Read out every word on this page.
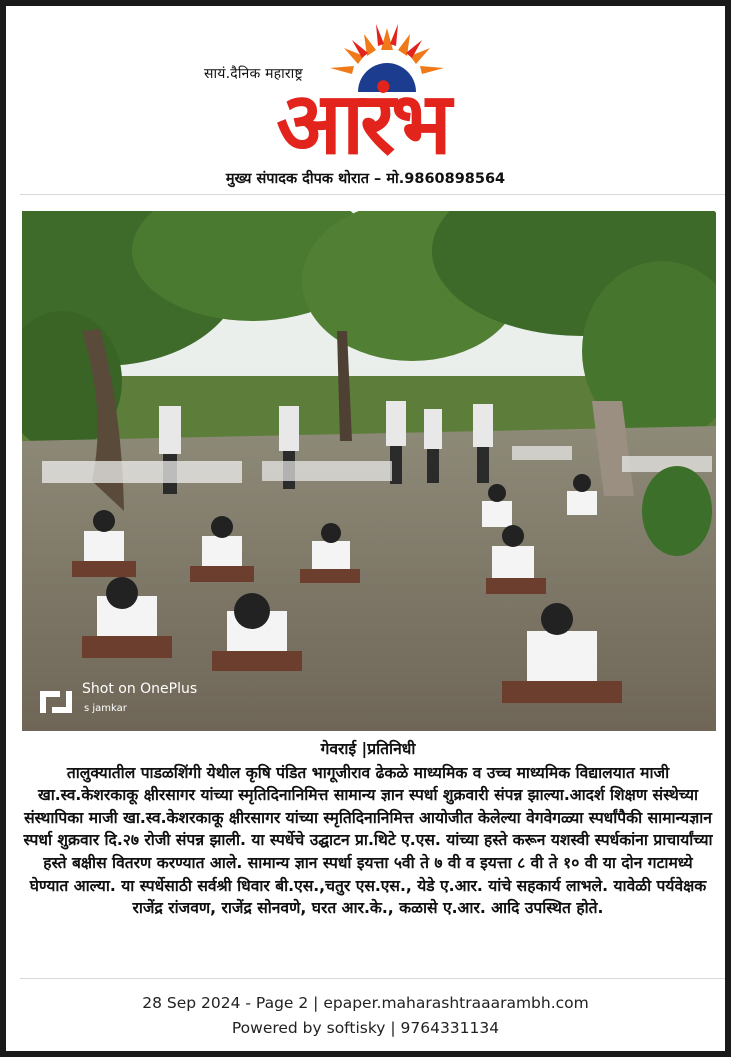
सायं.दैनिक महाराष्ट्र
आरंभ
मुख्य संपादक दीपक थोरात – मो.9860898564
Shot on OnePlus
s jamkar
गेवराई |प्रतिनिधी
तालुक्यातील पाडळशिंगी येथील कृषि पंडित भागूजीराव ढेकळे माध्यमिक व उच्च माध्यमिक विद्यालयात माजी खा.स्व.केशरकाकू क्षीरसागर यांच्या स्मृतिदिनानिमित्त सामान्य ज्ञान स्पर्धा शुक्रवारी संपन्न झाल्या.आदर्श शिक्षण संस्थेच्या संस्थापिका माजी खा.स्व.केशरकाकू क्षीरसागर यांच्या स्मृतिदिनानिमित्त आयोजीत केलेल्या वेगवेगळ्या स्पर्धांपैकी सामान्यज्ञान स्पर्धा शुक्रवार दि.२७ रोजी संपन्न झाली. या स्पर्धेचे उद्घाटन प्रा.थिटे ए.एस. यांच्या हस्ते करून यशस्वी स्पर्धकांना प्राचार्यांच्या हस्ते बक्षीस वितरण करण्यात आले. सामान्य ज्ञान स्पर्धा इयत्ता ५वी ते ७ वी व इयत्ता ८ वी ते १० वी या दोन गटामध्ये घेण्यात आल्या. या स्पर्धेसाठी सर्वश्री धिवार बी.एस.,चतुर एस.एस., येडे ए.आर. यांचे सहकार्य लाभले. यावेळी पर्यवेक्षक राजेंद्र रांजवण, राजेंद्र सोनवणे, घरत आर.के., कळासे ए.आर. आदि उपस्थित होते.
28 Sep 2024 - Page 2 | epaper.maharashtraaarambh.com
Powered by softisky | 9764331134
